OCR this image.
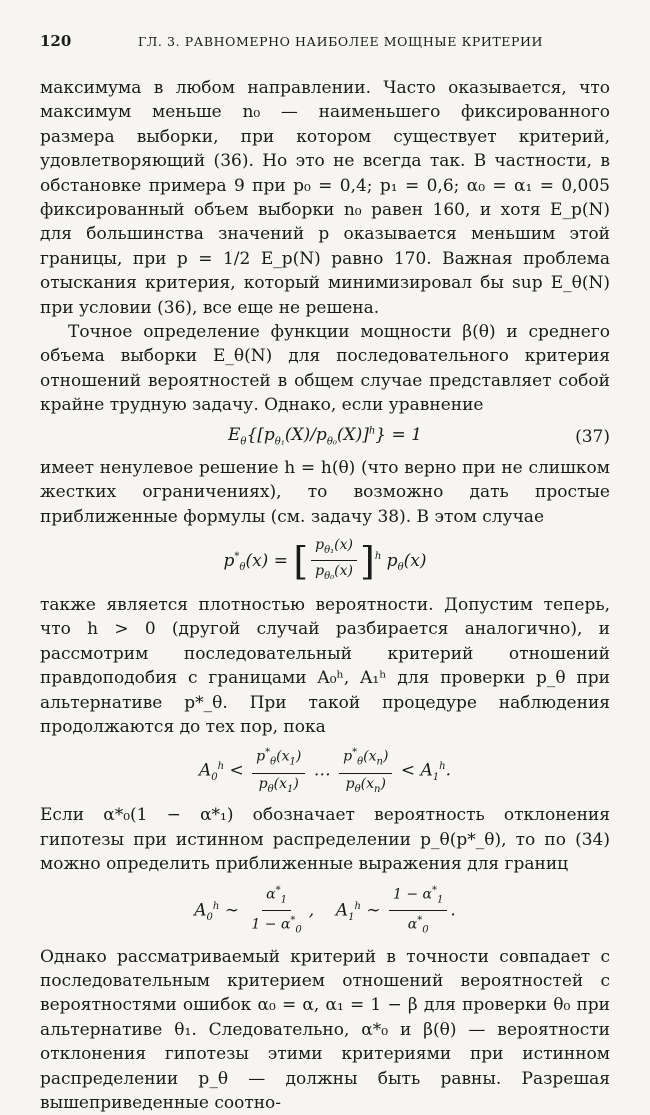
120	ГЛ. 3. РАВНОМЕРНО НАИБОЛЕЕ МОЩНЫЕ КРИТЕРИИ

максимума в любом направлении. Часто оказывается, что максимум меньше n₀ — наименьшего фиксированного размера выборки, при котором существует критерий, удовлетворяющий (36). Но это не всегда так. В частности, в обстановке примера 9 при p₀ = 0,4; p₁ = 0,6; α₀ = α₁ = 0,005 фиксированный объем выборки n₀ равен 160, и хотя E_p(N) для большинства значений p оказывается меньшим этой границы, при p = 1/2 E_p(N) равно 170. Важная проблема отыскания критерия, который минимизировал бы sup E_θ(N) при условии (36), все еще не решена.

Точное определение функции мощности β(θ) и среднего объема выборки E_θ(N) для последовательного критерия отношений вероятностей в общем случае представляет собой крайне трудную задачу. Однако, если уравнение

$E_\theta\{[p_{\theta_1}(X)/p_{\theta_0}(X)]^h\} = 1$	(37)

имеет ненулевое решение h = h(θ) (что верно при не слишком жестких ограничениях), то возможно дать простые приближенные формулы (см. задачу 38). В этом случае

$p^*_\theta(x)$ = [ $\frac{p_{\theta_1}(x)}{p_{\theta_0}(x)} ]^h$ $p_\theta(x)$

также является плотностью вероятности. Допустим теперь, что h > 0 (другой случай разбирается аналогично), и рассмотрим последовательный критерий отношений правдоподобия с границами A₀ʰ, A₁ʰ для проверки p_θ при альтернативе p*_θ. При такой процедуре наблюдения продолжаются до тех пор, пока

$A_0^h < \frac{p^*_\theta(x_1)}{p_\theta(x_1)}$ … $\frac{p^*_\theta(x_n)}{p_\theta(x_n)} < A_1^h$.

Если α*₀(1 − α*₁) обозначает вероятность отклонения гипотезы при истинном распределении p_θ(p*_θ), то по (34) можно определить приближенные выражения для границ

$A_0^h$ ∼ $\frac{\alpha^*_1}{1 - \alpha^*_0}$ ,    $A_1^h$ ∼ $\frac{1 - \alpha^*_1}{\alpha^*_0}$ .

Однако рассматриваемый критерий в точности совпадает с последовательным критерием отношений вероятностей с вероятностями ошибок α₀ = α, α₁ = 1 − β для проверки θ₀ при альтернативе θ₁. Следовательно, α*₀ и β(θ) — вероятности отклонения гипотезы этими критериями при истинном распределении p_θ — должны быть равны. Разрешая вышеприведенные соотно-
